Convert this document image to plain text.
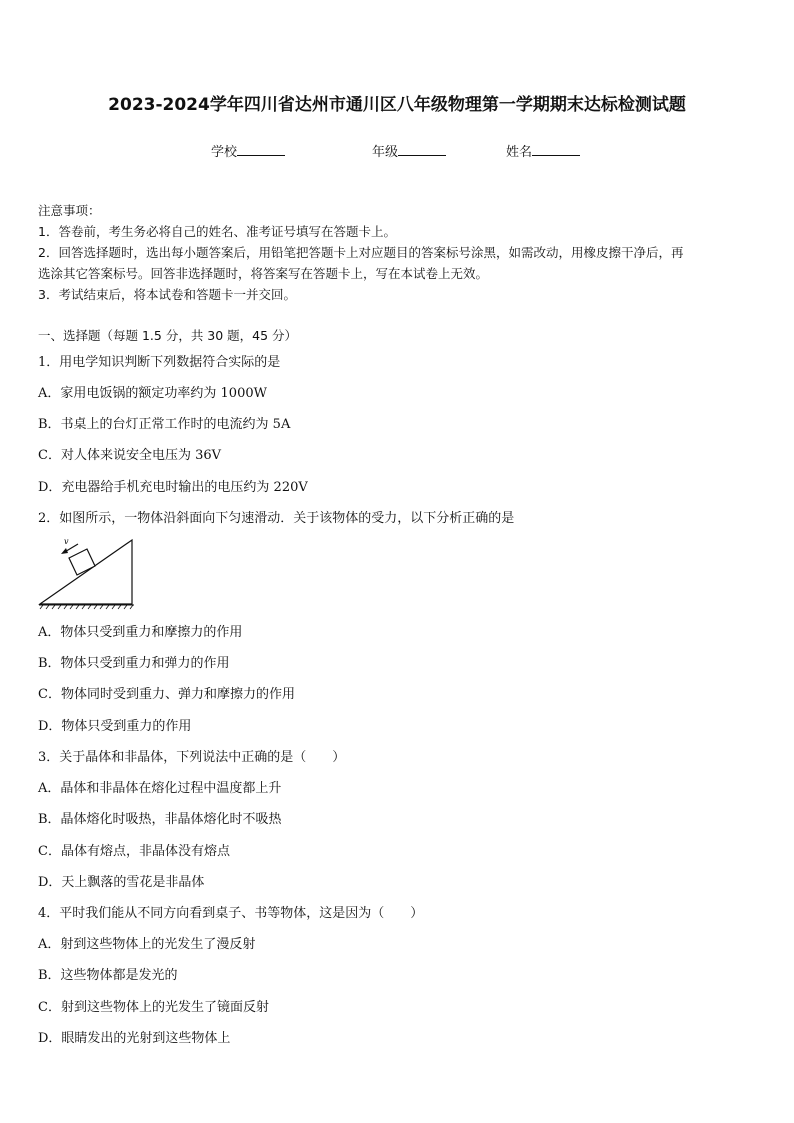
2023-2024学年四川省达州市通川区八年级物理第一学期期末达标检测试题
学校	年级	姓名
注意事项：
1．答卷前，考生务必将自己的姓名、准考证号填写在答题卡上。
2．回答选择题时，选出每小题答案后，用铅笔把答题卡上对应题目的答案标号涂黑，如需改动，用橡皮擦干净后，再
选涂其它答案标号。回答非选择题时，将答案写在答题卡上，写在本试卷上无效。
3．考试结束后，将本试卷和答题卡一并交回。
一、选择题（每题 1.5 分，共 30 题，45 分）
1．用电学知识判断下列数据符合实际的是
A．家用电饭锅的额定功率约为 1000W
B．书桌上的台灯正常工作时的电流约为 5A
C．对人体来说安全电压为 36V
D．充电器给手机充电时输出的电压约为 220V
2．如图所示，一物体沿斜面向下匀速滑动．关于该物体的受力，以下分析正确的是
v
A．物体只受到重力和摩擦力的作用
B．物体只受到重力和弹力的作用
C．物体同时受到重力、弹力和摩擦力的作用
D．物体只受到重力的作用
3．关于晶体和非晶体，下列说法中正确的是（　　）
A．晶体和非晶体在熔化过程中温度都上升
B．晶体熔化时吸热，非晶体熔化时不吸热
C．晶体有熔点，非晶体没有熔点
D．天上飘落的雪花是非晶体
4．平时我们能从不同方向看到桌子、书等物体，这是因为（　　）
A．射到这些物体上的光发生了漫反射
B．这些物体都是发光的
C．射到这些物体上的光发生了镜面反射
D．眼睛发出的光射到这些物体上
